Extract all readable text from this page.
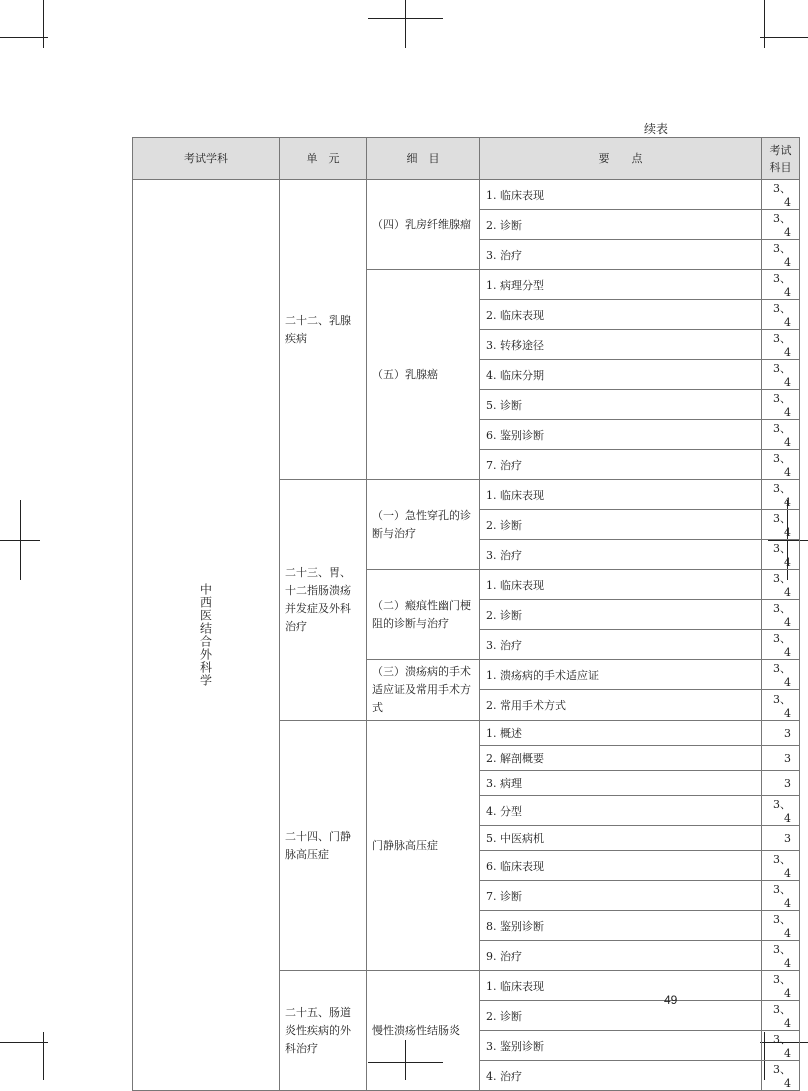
续表
考试学科	单　元	细　目	要　　点	考试科目

中西医结合外科学	二十二、乳腺疾病	（四）乳房纤维腺瘤	1. 临床表现	3、4
			2. 诊断	3、4
			3. 治疗	3、4
		（五）乳腺癌	1. 病理分型	3、4
			2. 临床表现	3、4
			3. 转移途径	3、4
			4. 临床分期	3、4
			5. 诊断	3、4
			6. 鉴别诊断	3、4
			7. 治疗	3、4
	二十三、胃、十二指肠溃疡并发症及外科治疗	（一）急性穿孔的诊断与治疗	1. 临床表现	3、4
			2. 诊断	3、4
			3. 治疗	3、4
		（二）瘢痕性幽门梗阻的诊断与治疗	1. 临床表现	3、4
			2. 诊断	3、4
			3. 治疗	3、4
		（三）溃疡病的手术适应证及常用手术方式	1. 溃疡病的手术适应证	3、4
			2. 常用手术方式	3、4
	二十四、门静脉高压症	门静脉高压症	1. 概述	3
			2. 解剖概要	3
			3. 病理	3
			4. 分型	3、4
			5. 中医病机	3
			6. 临床表现	3、4
			7. 诊断	3、4
			8. 鉴别诊断	3、4
			9. 治疗	3、4
	二十五、肠道炎性疾病的外科治疗	慢性溃疡性结肠炎	1. 临床表现	3、4
			2. 诊断	3、4
			3. 鉴别诊断	3、4
			4. 治疗	3、4
49
